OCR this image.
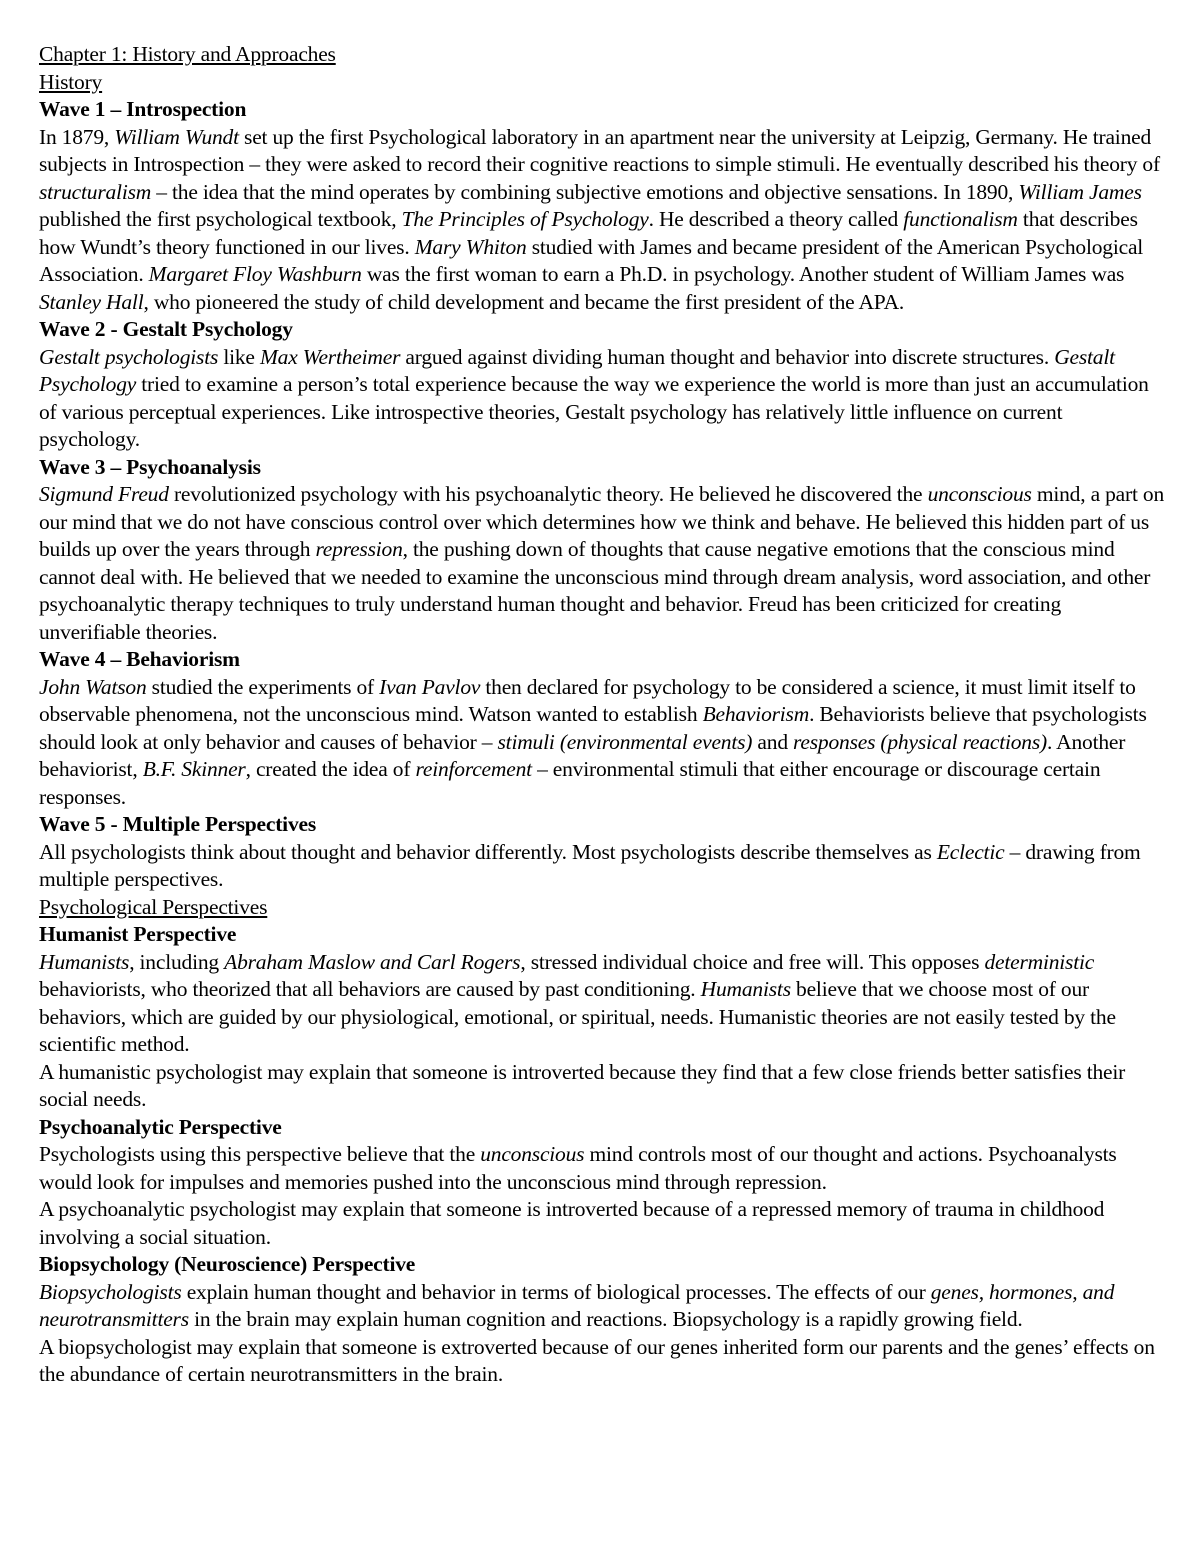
Chapter 1: History and Approaches

History

Wave 1 – Introspection

In 1879, William Wundt set up the first Psychological laboratory in an apartment near the university at Leipzig, Germany. He trained subjects in Introspection – they were asked to record their cognitive reactions to simple stimuli. He eventually described his theory of structuralism – the idea that the mind operates by combining subjective emotions and objective sensations. In 1890, William James published the first psychological textbook, The Principles of Psychology. He described a theory called functionalism that describes how Wundt’s theory functioned in our lives. Mary Whiton studied with James and became president of the American Psychological Association. Margaret Floy Washburn was the first woman to earn a Ph.D. in psychology. Another student of William James was Stanley Hall, who pioneered the study of child development and became the first president of the APA.

Wave 2 - Gestalt Psychology

Gestalt psychologists like Max Wertheimer argued against dividing human thought and behavior into discrete structures. Gestalt Psychology tried to examine a person’s total experience because the way we experience the world is more than just an accumulation of various perceptual experiences. Like introspective theories, Gestalt psychology has relatively little influence on current psychology.

Wave 3 – Psychoanalysis

Sigmund Freud revolutionized psychology with his psychoanalytic theory. He believed he discovered the unconscious mind, a part on our mind that we do not have conscious control over which determines how we think and behave. He believed this hidden part of us builds up over the years through repression, the pushing down of thoughts that cause negative emotions that the conscious mind cannot deal with. He believed that we needed to examine the unconscious mind through dream analysis, word association, and other psychoanalytic therapy techniques to truly understand human thought and behavior. Freud has been criticized for creating unverifiable theories.

Wave 4 – Behaviorism

John Watson studied the experiments of Ivan Pavlov then declared for psychology to be considered a science, it must limit itself to observable phenomena, not the unconscious mind. Watson wanted to establish Behaviorism. Behaviorists believe that psychologists should look at only behavior and causes of behavior – stimuli (environmental events) and responses (physical reactions). Another behaviorist, B.F. Skinner, created the idea of reinforcement – environmental stimuli that either encourage or discourage certain responses.

Wave 5 - Multiple Perspectives

All psychologists think about thought and behavior differently. Most psychologists describe themselves as Eclectic – drawing from multiple perspectives.

Psychological Perspectives

Humanist Perspective

Humanists, including Abraham Maslow and Carl Rogers, stressed individual choice and free will. This opposes deterministic behaviorists, who theorized that all behaviors are caused by past conditioning. Humanists believe that we choose most of our behaviors, which are guided by our physiological, emotional, or spiritual, needs. Humanistic theories are not easily tested by the scientific method.

A humanistic psychologist may explain that someone is introverted because they find that a few close friends better satisfies their social needs.

Psychoanalytic Perspective

Psychologists using this perspective believe that the unconscious mind controls most of our thought and actions. Psychoanalysts would look for impulses and memories pushed into the unconscious mind through repression.

A psychoanalytic psychologist may explain that someone is introverted because of a repressed memory of trauma in childhood involving a social situation.

Biopsychology (Neuroscience) Perspective

Biopsychologists explain human thought and behavior in terms of biological processes. The effects of our genes, hormones, and neurotransmitters in the brain may explain human cognition and reactions. Biopsychology is a rapidly growing field.

A biopsychologist may explain that someone is extroverted because of our genes inherited form our parents and the genes’ effects on the abundance of certain neurotransmitters in the brain.
